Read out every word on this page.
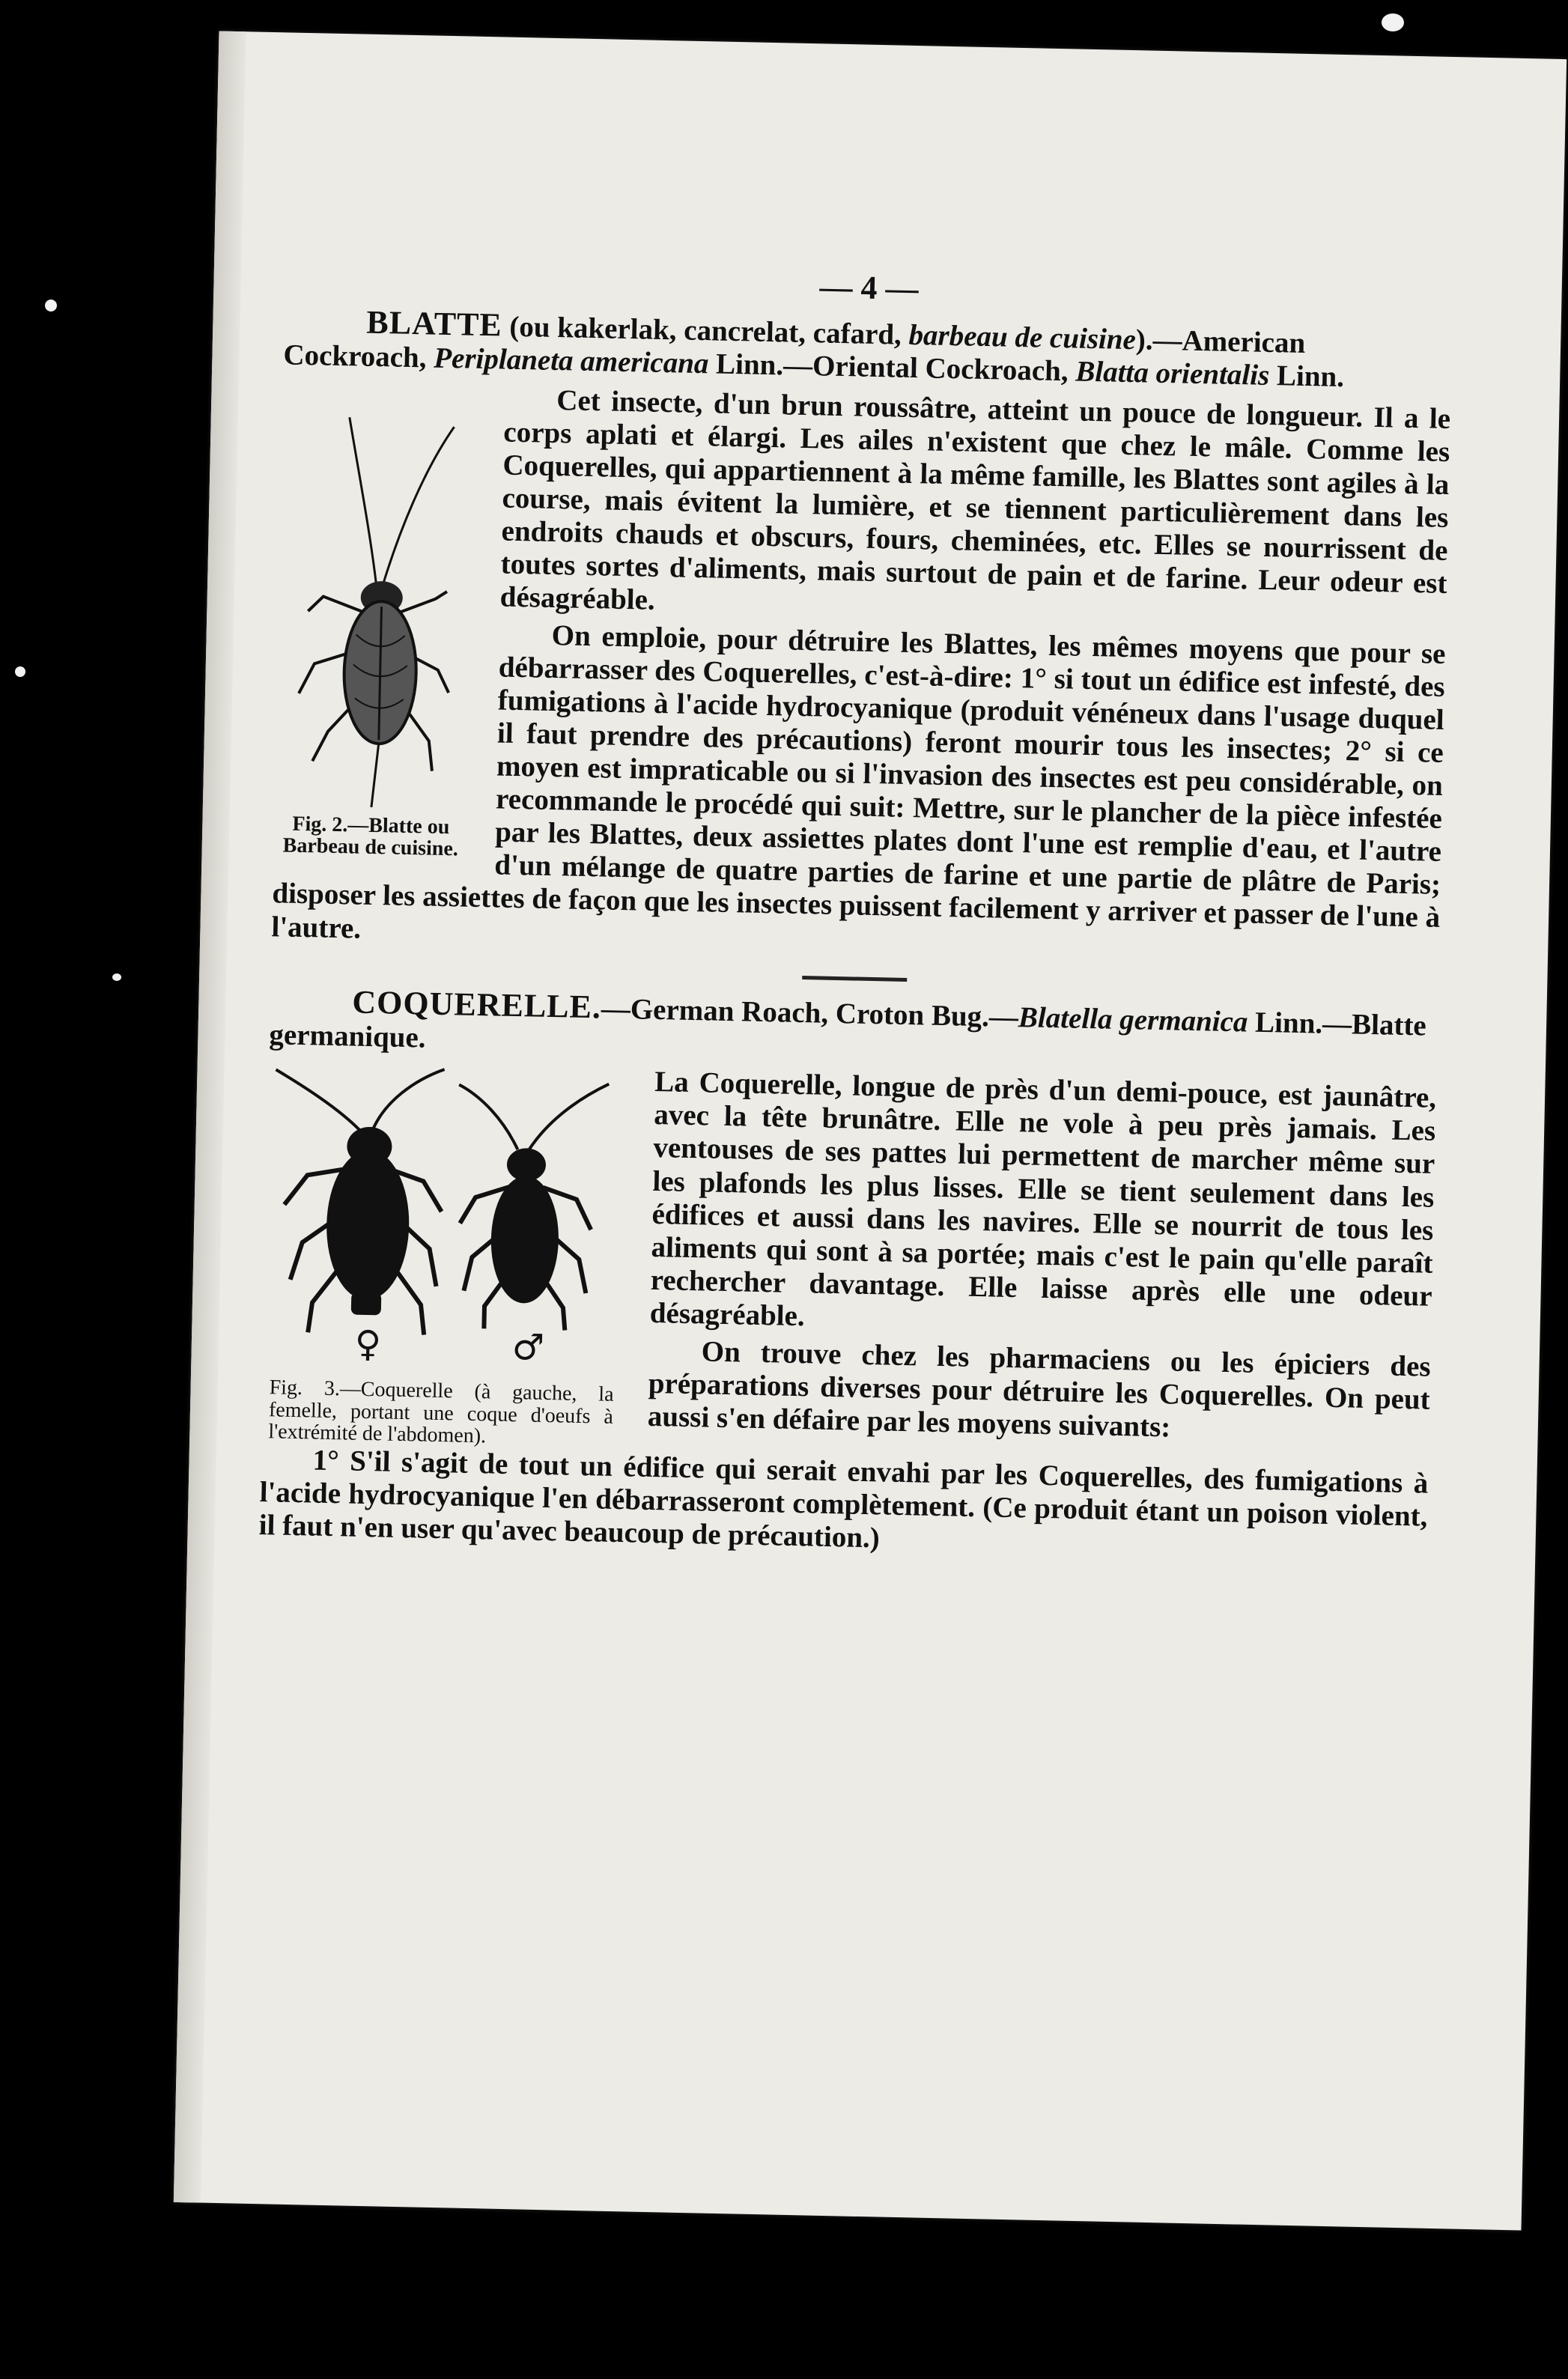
— 4 —
BLATTE (ou kakerlak, cancrelat, cafard, barbeau de cuisine).—American Cockroach, Periplaneta americana Linn.—Oriental Cockroach, Blatta orientalis Linn.
Fig. 2.—Blatte ou Barbeau de cuisine.

Cet insecte, d'un brun roussâtre, atteint un pouce de longueur. Il a le corps aplati et élargi. Les ailes n'existent que chez le mâle. Comme les Coquerelles, qui appartiennent à la même famille, les Blattes sont agiles à la course, mais évitent la lumière, et se tiennent particulièrement dans les endroits chauds et obscurs, fours, cheminées, etc. Elles se nourrissent de toutes sortes d'aliments, mais surtout de pain et de farine. Leur odeur est désagréable.

On emploie, pour détruire les Blattes, les mêmes moyens que pour se débarrasser des Coquerelles, c'est-à-dire: 1° si tout un édifice est infesté, des fumigations à l'acide hydrocyanique (produit vénéneux dans l'usage duquel il faut prendre des précautions) feront mourir tous les insectes; 2° si ce moyen est impraticable ou si l'invasion des insectes est peu considérable, on recommande le procédé qui suit: Mettre, sur le plancher de la pièce infestée par les Blattes, deux assiettes plates dont l'une est remplie d'eau, et l'autre d'un mélange de quatre parties de farine et une partie de plâtre de Paris; disposer les assiettes de façon que les insectes puissent facilement y arriver et passer de l'une à l'autre.

COQUERELLE.—German Roach, Croton Bug.—Blatella germanica Linn.—Blatte germanique.
♀	♂
Fig. 3.—Coquerelle (à gauche, la femelle, portant une coque d'oeufs à l'extrémité de l'abdomen).

La Coquerelle, longue de près d'un demi-pouce, est jaunâtre, avec la tête brunâtre. Elle ne vole à peu près jamais. Les ventouses de ses pattes lui permettent de marcher même sur les plafonds les plus lisses. Elle se tient seulement dans les édifices et aussi dans les navires. Elle se nourrit de tous les aliments qui sont à sa portée; mais c'est le pain qu'elle paraît rechercher davantage. Elle laisse après elle une odeur désagréable.

On trouve chez les pharmaciens ou les épiciers des préparations diverses pour détruire les Coquerelles. On peut aussi s'en défaire par les moyens suivants:

1° S'il s'agit de tout un édifice qui serait envahi par les Coquerelles, des fumigations à l'acide hydrocyanique l'en débarrasseront complètement. (Ce produit étant un poison violent, il faut n'en user qu'avec beaucoup de précaution.)
